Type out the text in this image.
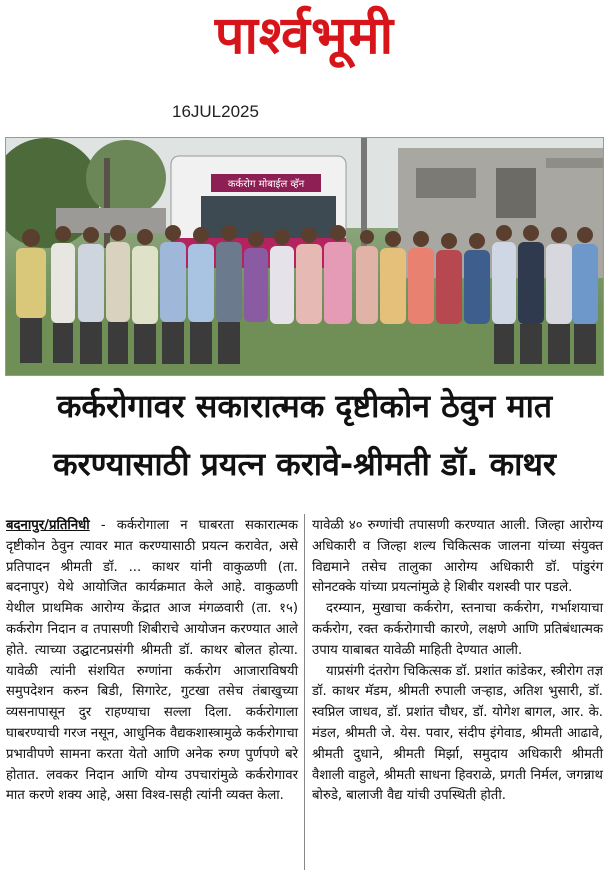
पार्श्वभूमी
16JUL2025
कर्करोग मोबाईल व्हॅन
कर्करोगावर सकारात्मक दृष्टीकोन ठेवुन मात
करण्यासाठी प्रयत्न करावे-श्रीमती डॉ. काथर

बदनापुर/प्रतिनिधी - कर्करोगाला न घाबरता सकारात्मक दृष्टीकोन ठेवुन त्यावर मात करण्यासाठी प्रयत्न करावेत, असे प्रतिपादन श्रीमती डॉ. ... काथर यांनी वाकुळणी (ता. बदनापुर) येथे आयोजित कार्यक्रमात केले आहे. वाकुळणी येथील प्राथमिक आरोग्य केंद्रात आज मंगळवारी (ता. १५) कर्करोग निदान व तपासणी शिबीराचे आयोजन करण्यात आले होते. त्याच्या उद्घाटनप्रसंगी श्रीमती डॉ. काथर बोलत होत्या. यावेळी त्यांनी संशयित रुग्णांना कर्करोग आजाराविषयी समुपदेशन करुन बिडी, सिगारेट, गुटखा तसेच तंबाखुच्या व्यसनापासून दुर राहण्याचा सल्ला दिला. कर्करोगाला घाबरण्याची गरज नसून, आधुनिक वैद्यकशास्त्रामुळे कर्करोगाचा प्रभावीपणे सामना करता येतो आणि अनेक रुग्ण पुर्णपणे बरे होतात. लवकर निदान आणि योग्य उपचारांमुळे कर्करोगावर मात करणे शक्य आहे, असा विश्व-ासही त्यांनी व्यक्त केला.

यावेळी ४० रुग्णांची तपासणी करण्यात आली. जिल्हा आरोग्य अधिकारी व जिल्हा शल्य चिकित्सक जालना यांच्या संयुक्त विद्यमाने तसेच तालुका आरोग्य अधिकारी डॉ. पांडुरंग सोनटक्के यांच्या प्रयत्नांमुळे हे शिबीर यशस्वी पार पडले.

दरम्यान, मुखाचा कर्करोग, स्तनाचा कर्करोग, गर्भाशयाचा कर्करोग, रक्त कर्करोगाची कारणे, लक्षणे आणि प्रतिबंधात्मक उपाय याबाबत यावेळी माहिती देण्यात आली.

याप्रसंगी दंतरोग चिकित्सक डॉ. प्रशांत कांडेकर, स्त्रीरोग तज्ञ डॉ. काथर मॅडम, श्रीमती रुपाली जऱ्हाड, अतिश भुसारी, डॉ. स्वप्निल जाधव, डॉ. प्रशांत चौधर, डॉ. योगेश बागल, आर. के. मंडल, श्रीमती जे. येस. पवार, संदीप इंगेवाड, श्रीमती आढावे, श्रीमती दुधाने, श्रीमती मिर्झा, समुदाय अधिकारी श्रीमती वैशाली वाहुले, श्रीमती साधना हिवराळे, प्रगती निर्मल, जगन्नाथ बोरुडे, बालाजी वैद्य यांची उपस्थिती होती.
